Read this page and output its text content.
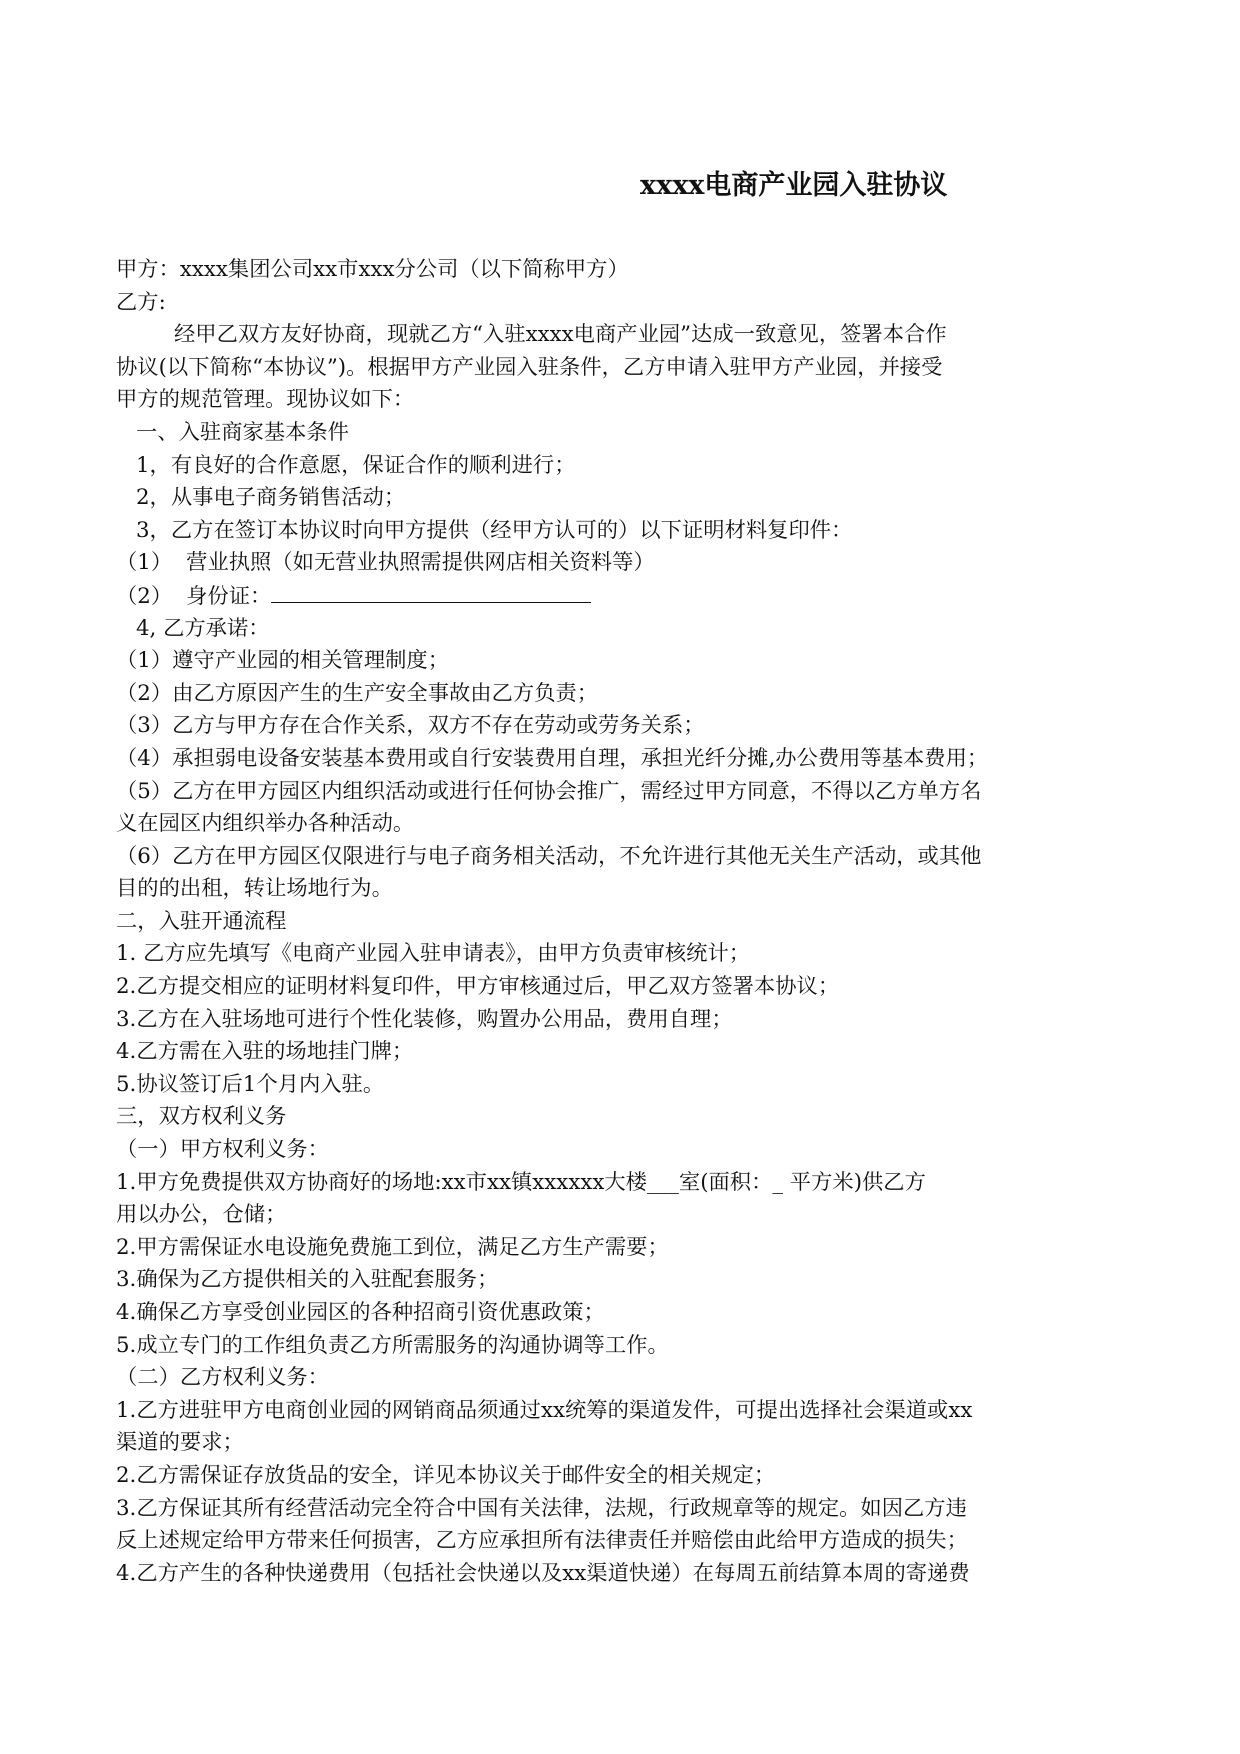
xxxx电商产业园入驻协议
甲方：xxxx集团公司xx市xxx分公司（以下简称甲方）
乙方:
经甲乙双方友好协商，现就乙方“入驻xxxx电商产业园”达成一致意见，签署本合作
协议(以下简称“本协议”)。根据甲方产业园入驻条件，乙方申请入驻甲方产业园，并接受
甲方的规范管理。现协议如下：
一、入驻商家基本条件
1，有良好的合作意愿，保证合作的顺利进行；
2，从事电子商务销售活动；
3，乙方在签订本协议时向甲方提供（经甲方认可的）以下证明材料复印件：
（1） 营业执照（如无营业执照需提供网店相关资料等）
（2） 身份证：
4, 乙方承诺：
（1）遵守产业园的相关管理制度；
（2）由乙方原因产生的生产安全事故由乙方负责；
（3）乙方与甲方存在合作关系，双方不存在劳动或劳务关系；
（4）承担弱电设备安装基本费用或自行安装费用自理，承担光纤分摊,办公费用等基本费用；
（5）乙方在甲方园区内组织活动或进行任何协会推广，需经过甲方同意，不得以乙方单方名
义在园区内组织举办各种活动。
（6）乙方在甲方园区仅限进行与电子商务相关活动，不允许进行其他无关生产活动，或其他
目的的出租，转让场地行为。
二，入驻开通流程
1. 乙方应先填写《电商产业园入驻申请表》，由甲方负责审核统计；
2.乙方提交相应的证明材料复印件，甲方审核通过后，甲乙双方签署本协议；
3.乙方在入驻场地可进行个性化装修，购置办公用品，费用自理；
4.乙方需在入驻的场地挂门牌；
5.协议签订后1个月内入驻。
三，双方权利义务
（一）甲方权利义务：
1.甲方免费提供双方协商好的场地:xx市xx镇xxxxxx大楼___室(面积：_ 平方米)供乙方
用以办公，仓储；
2.甲方需保证水电设施免费施工到位，满足乙方生产需要；
3.确保为乙方提供相关的入驻配套服务；
4.确保乙方享受创业园区的各种招商引资优惠政策；
5.成立专门的工作组负责乙方所需服务的沟通协调等工作。
（二）乙方权利义务：
1.乙方进驻甲方电商创业园的网销商品须通过xx统筹的渠道发件，可提出选择社会渠道或xx
渠道的要求；
2.乙方需保证存放货品的安全，详见本协议关于邮件安全的相关规定；
3.乙方保证其所有经营活动完全符合中国有关法律，法规，行政规章等的规定。如因乙方违
反上述规定给甲方带来任何损害，乙方应承担所有法律责任并赔偿由此给甲方造成的损失；
4.乙方产生的各种快递费用（包括社会快递以及xx渠道快递）在每周五前结算本周的寄递费
